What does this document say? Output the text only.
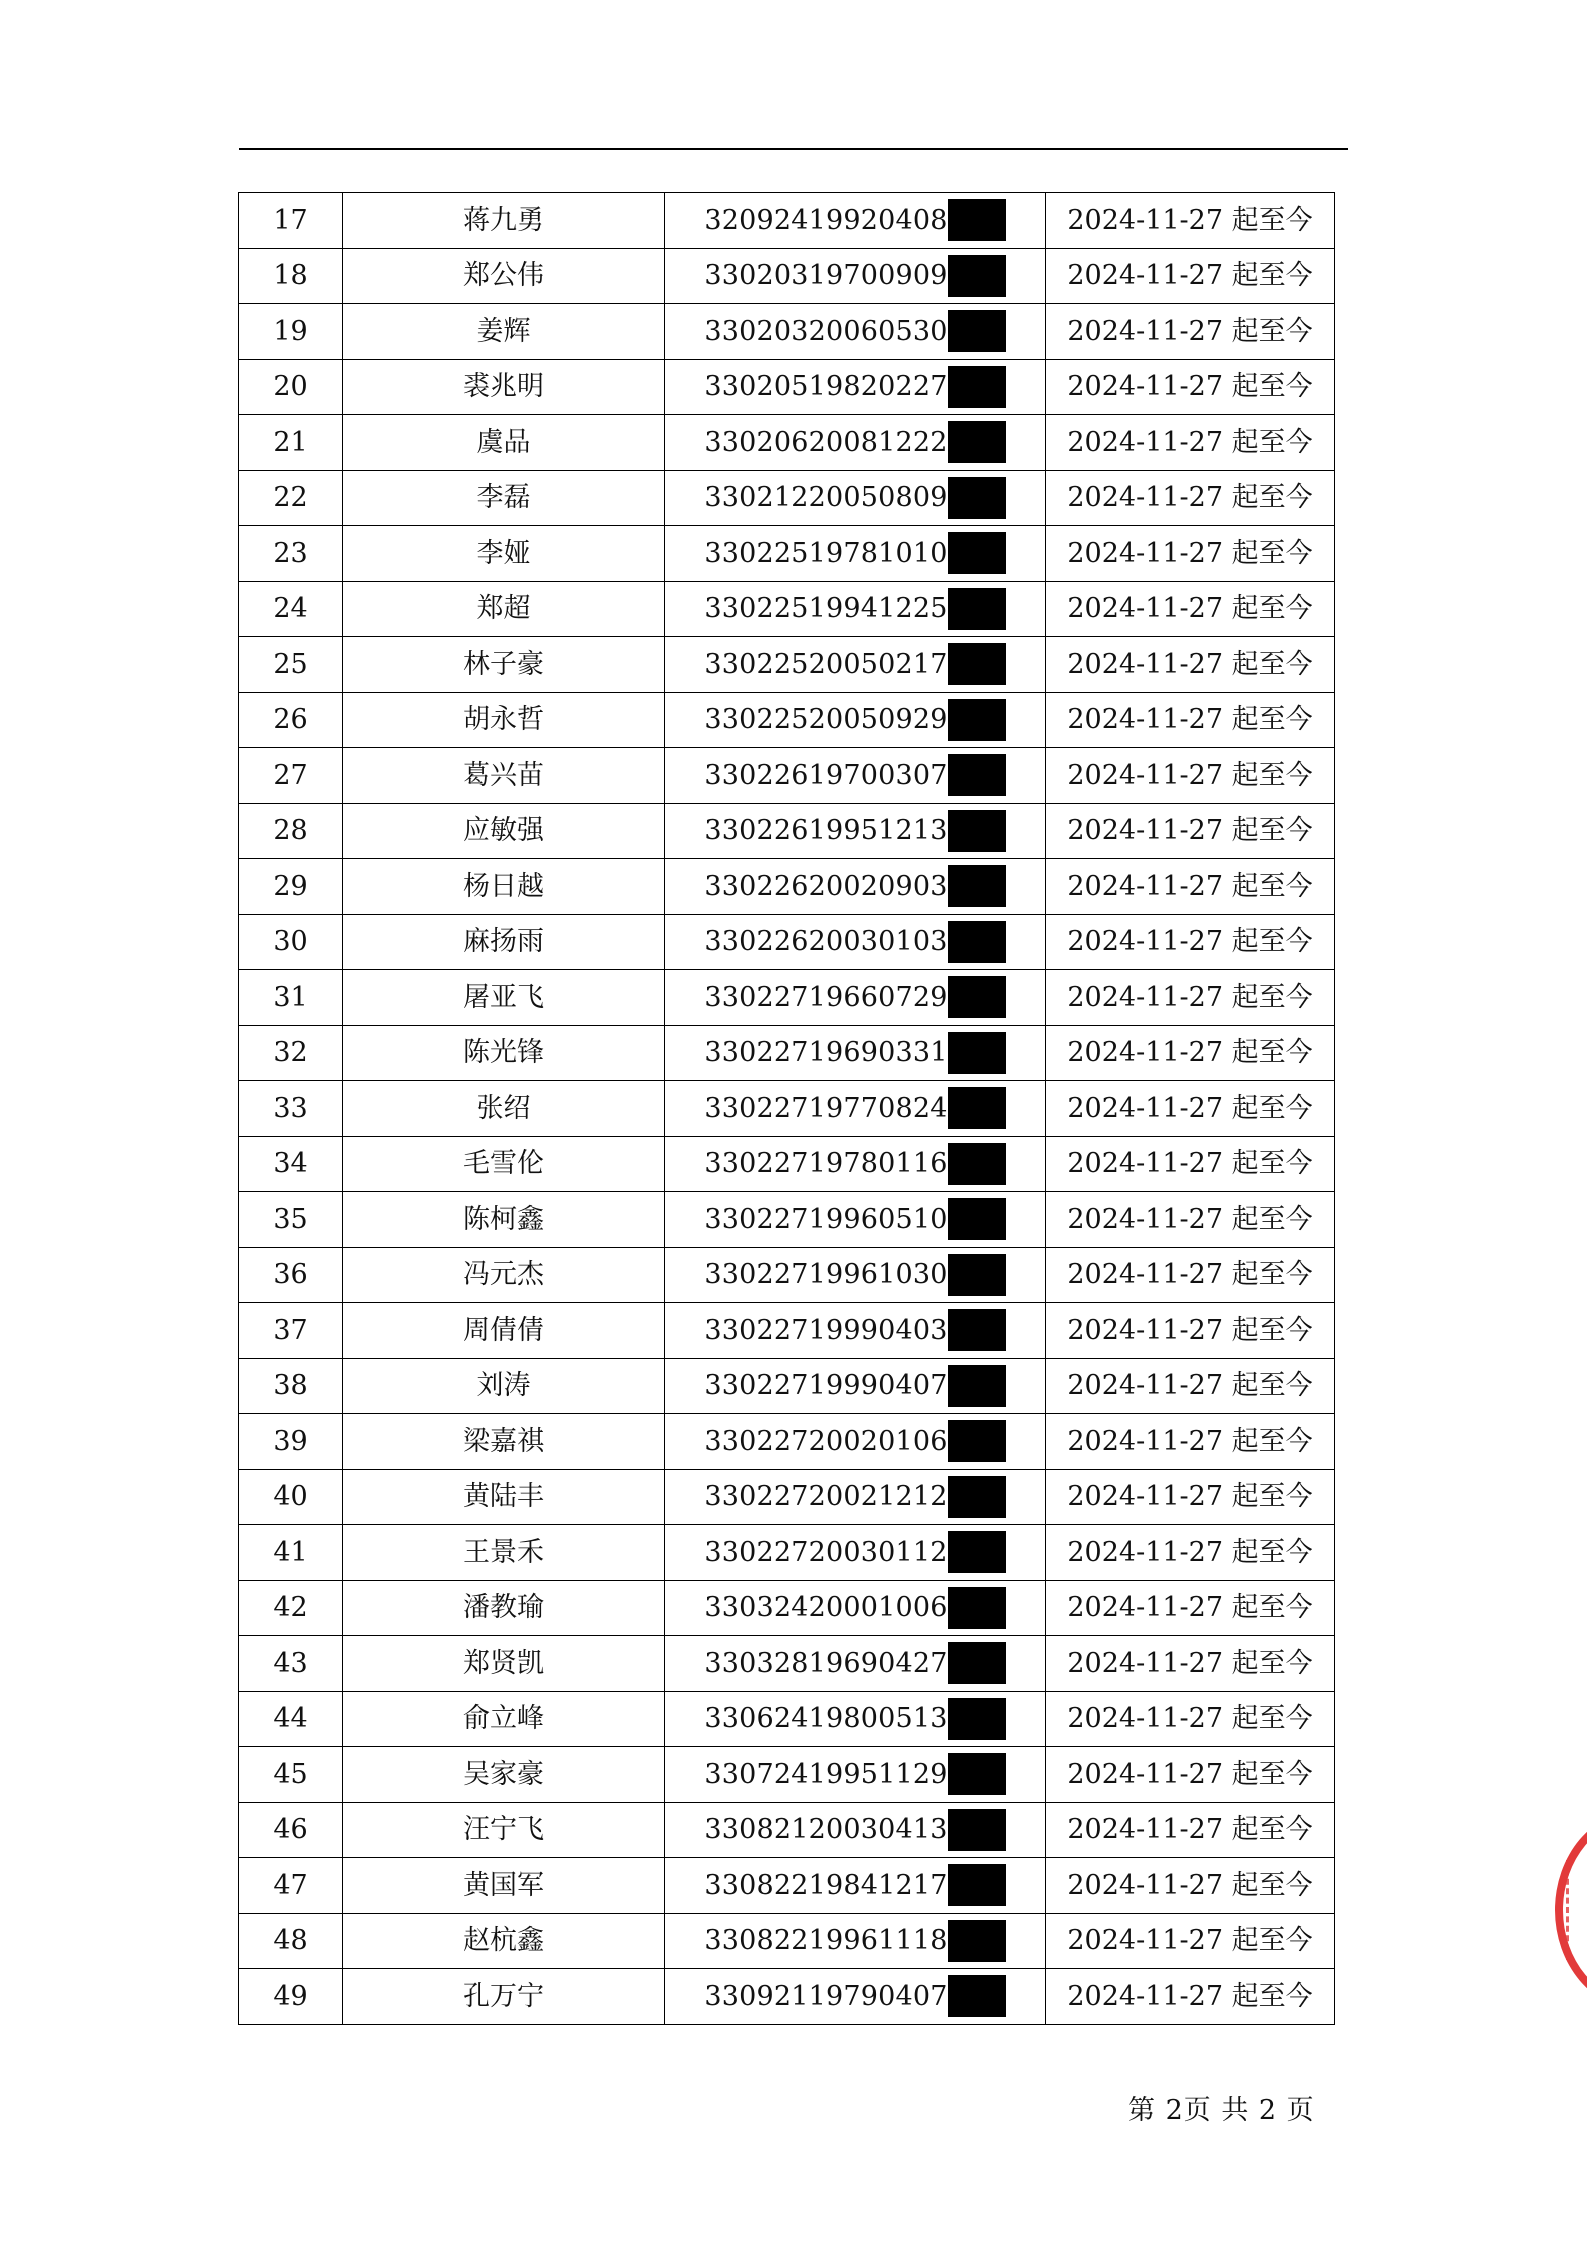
17	蒋九勇	32092419920408	2024-11-27 起至今
18	郑公伟	33020319700909	2024-11-27 起至今
19	姜辉	33020320060530	2024-11-27 起至今
20	裘兆明	33020519820227	2024-11-27 起至今
21	虞品	33020620081222	2024-11-27 起至今
22	李磊	33021220050809	2024-11-27 起至今
23	李娅	33022519781010	2024-11-27 起至今
24	郑超	33022519941225	2024-11-27 起至今
25	林子豪	33022520050217	2024-11-27 起至今
26	胡永哲	33022520050929	2024-11-27 起至今
27	葛兴苗	33022619700307	2024-11-27 起至今
28	应敏强	33022619951213	2024-11-27 起至今
29	杨日越	33022620020903	2024-11-27 起至今
30	麻扬雨	33022620030103	2024-11-27 起至今
31	屠亚飞	33022719660729	2024-11-27 起至今
32	陈光锋	33022719690331	2024-11-27 起至今
33	张绍	33022719770824	2024-11-27 起至今
34	毛雪伦	33022719780116	2024-11-27 起至今
35	陈柯鑫	33022719960510	2024-11-27 起至今
36	冯元杰	33022719961030	2024-11-27 起至今
37	周倩倩	33022719990403	2024-11-27 起至今
38	刘涛	33022719990407	2024-11-27 起至今
39	梁嘉祺	33022720020106	2024-11-27 起至今
40	黄陆丰	33022720021212	2024-11-27 起至今
41	王景禾	33022720030112	2024-11-27 起至今
42	潘教瑜	33032420001006	2024-11-27 起至今
43	郑贤凯	33032819690427	2024-11-27 起至今
44	俞立峰	33062419800513	2024-11-27 起至今
45	吴家豪	33072419951129	2024-11-27 起至今
46	汪宁飞	33082120030413	2024-11-27 起至今
47	黄国军	33082219841217	2024-11-27 起至今
48	赵杭鑫	33082219961118	2024-11-27 起至今
49	孔万宁	33092119790407	2024-11-27 起至今
第 2页 共 2 页
